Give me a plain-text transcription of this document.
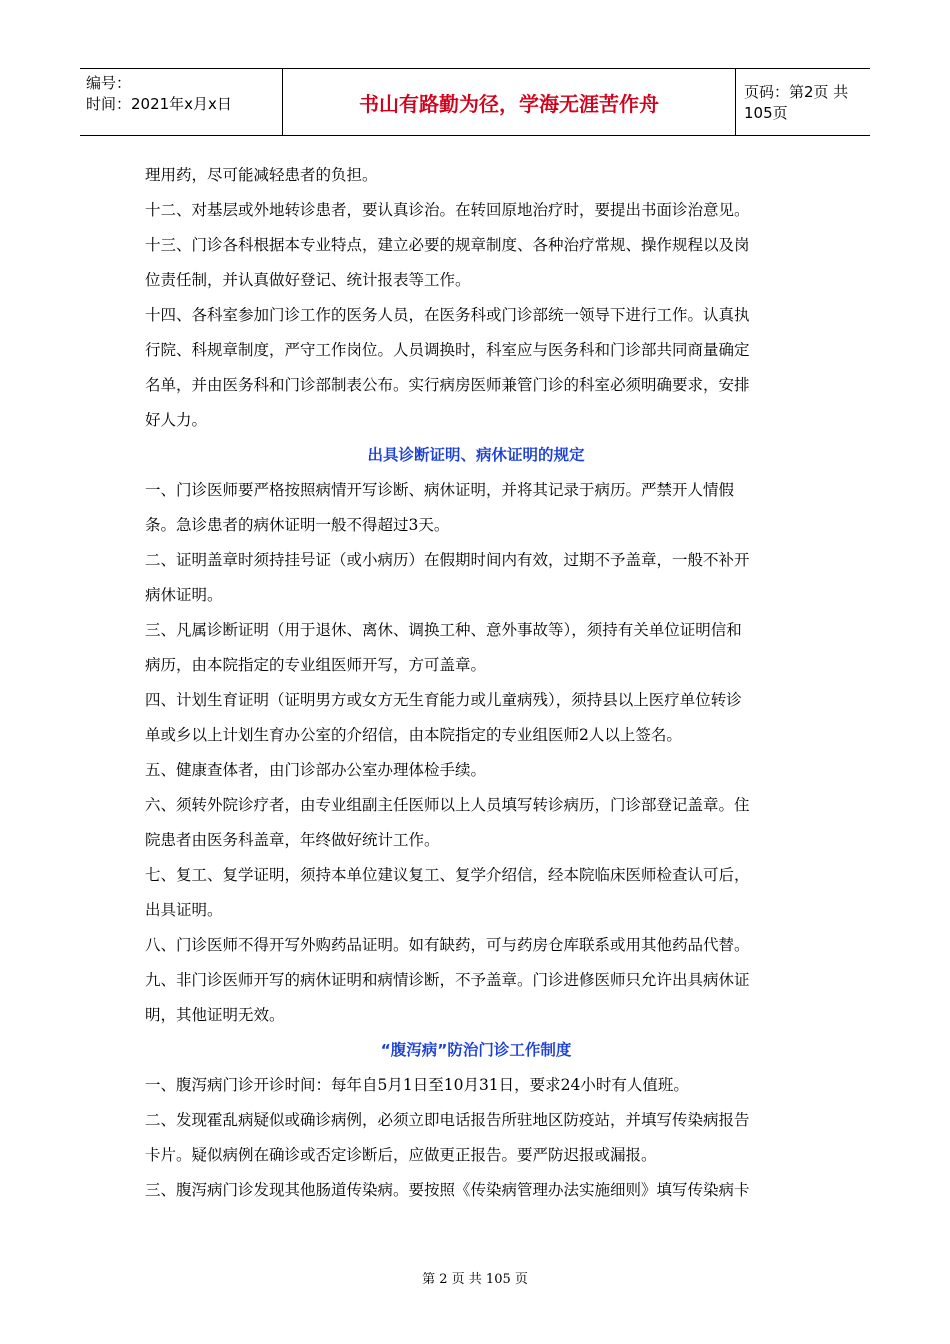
编号：
时间：2021年x月x日	书山有路勤为径，学海无涯苦作舟	页码：第2页 共105页

理用药，尽可能减轻患者的负担。

十二、对基层或外地转诊患者，要认真诊治。在转回原地治疗时，要提出书面诊治意见。

十三、门诊各科根据本专业特点，建立必要的规章制度、各种治疗常规、操作规程以及岗

位责任制，并认真做好登记、统计报表等工作。

十四、各科室参加门诊工作的医务人员，在医务科或门诊部统一领导下进行工作。认真执

行院、科规章制度，严守工作岗位。人员调换时，科室应与医务科和门诊部共同商量确定

名单，并由医务科和门诊部制表公布。实行病房医师兼管门诊的科室必须明确要求，安排

好人力。

出具诊断证明、病休证明的规定

一、门诊医师要严格按照病情开写诊断、病休证明，并将其记录于病历。严禁开人情假

条。急诊患者的病休证明一般不得超过3天。

二、证明盖章时须持挂号证（或小病历）在假期时间内有效，过期不予盖章，一般不补开

病休证明。

三、凡属诊断证明（用于退休、离休、调换工种、意外事故等），须持有关单位证明信和

病历，由本院指定的专业组医师开写，方可盖章。

四、计划生育证明（证明男方或女方无生育能力或儿童病残），须持县以上医疗单位转诊

单或乡以上计划生育办公室的介绍信，由本院指定的专业组医师2人以上签名。

五、健康查体者，由门诊部办公室办理体检手续。

六、须转外院诊疗者，由专业组副主任医师以上人员填写转诊病历，门诊部登记盖章。住

院患者由医务科盖章，年终做好统计工作。

七、复工、复学证明，须持本单位建议复工、复学介绍信，经本院临床医师检查认可后，

出具证明。

八、门诊医师不得开写外购药品证明。如有缺药，可与药房仓库联系或用其他药品代替。

九、非门诊医师开写的病休证明和病情诊断，不予盖章。门诊进修医师只允许出具病休证

明，其他证明无效。

“腹泻病”防治门诊工作制度

一、腹泻病门诊开诊时间：每年自5月1日至10月31日，要求24小时有人值班。

二、发现霍乱病疑似或确诊病例，必须立即电话报告所驻地区防疫站，并填写传染病报告

卡片。疑似病例在确诊或否定诊断后，应做更正报告。要严防迟报或漏报。

三、腹泻病门诊发现其他肠道传染病。要按照《传染病管理办法实施细则》填写传染病卡

第 2 页 共 105 页
